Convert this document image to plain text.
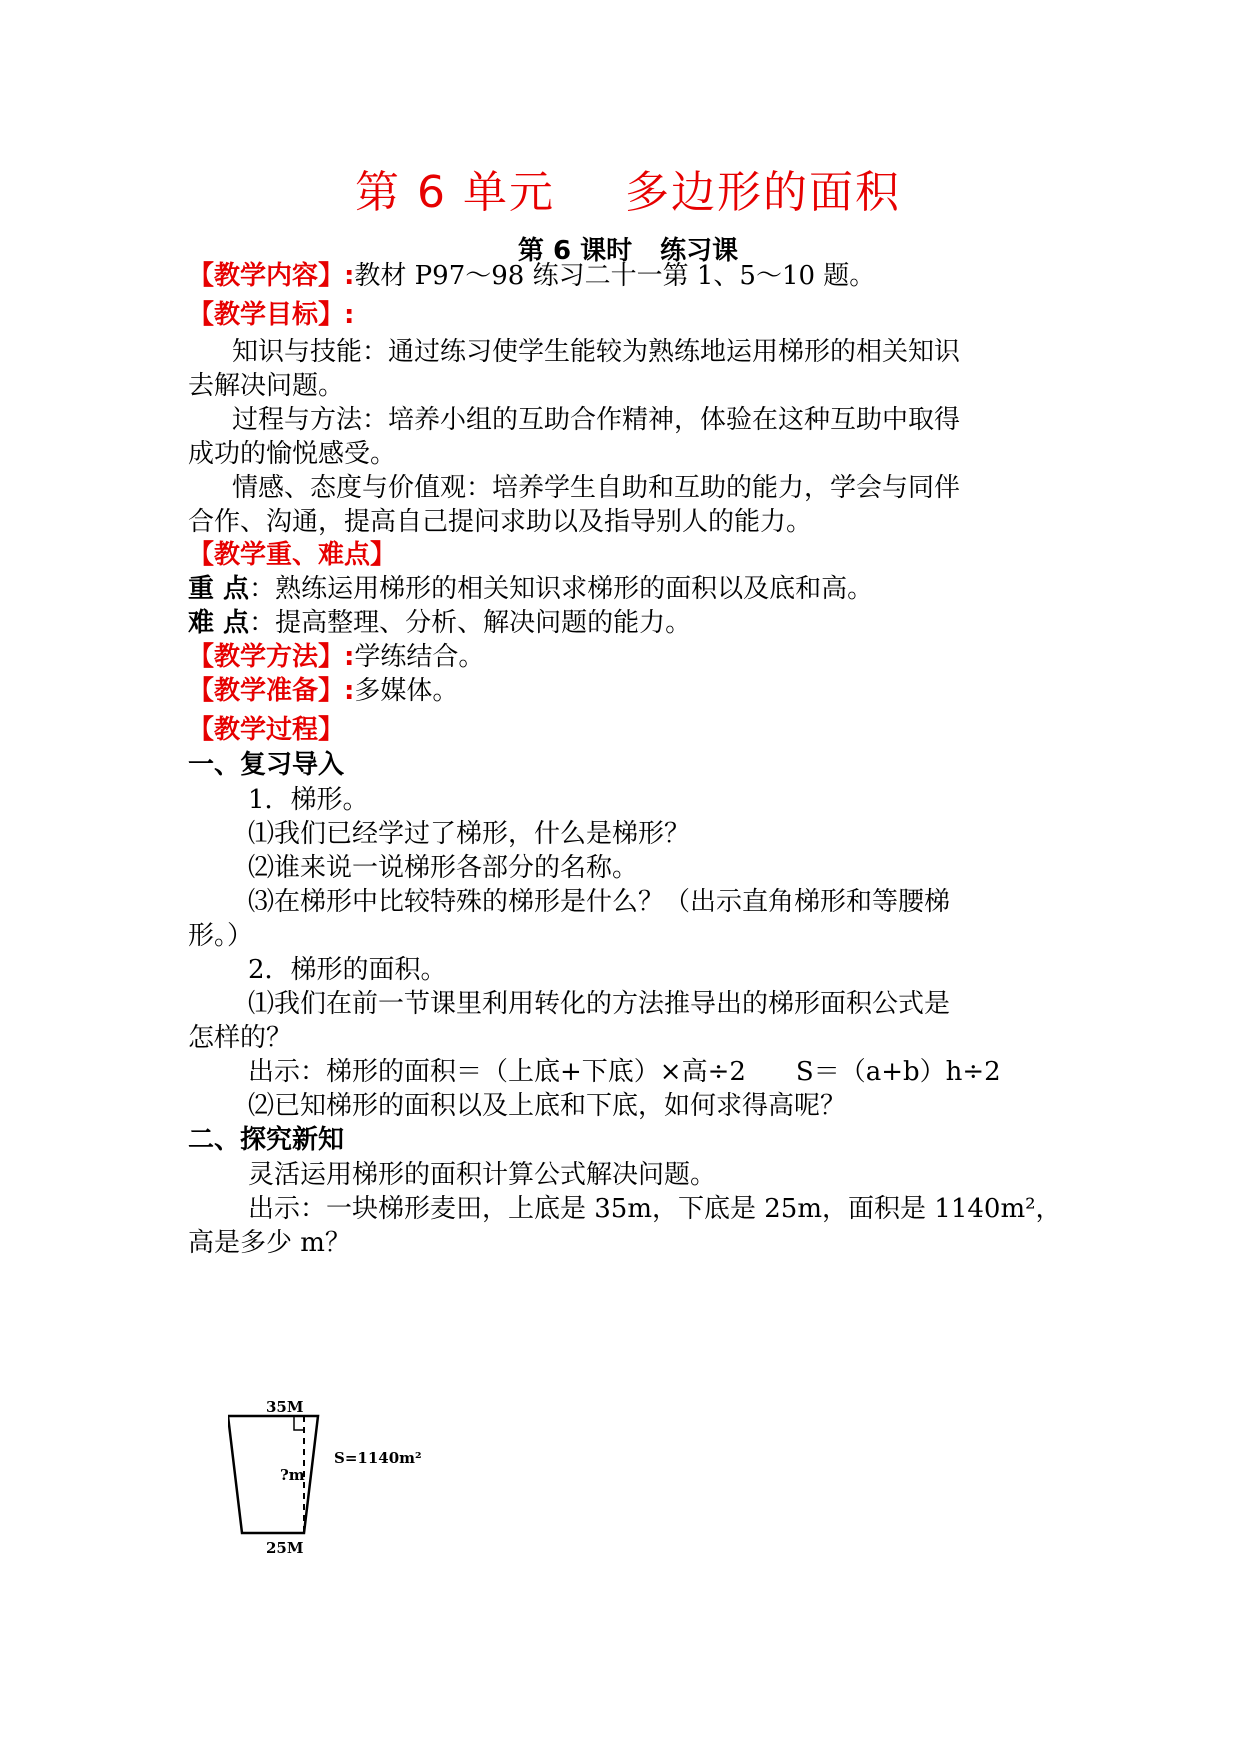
第 6 单元 多边形的面积
第 6 课时 练习课
【教学内容】:教材 P97～98 练习二十一第 1、5～10 题。
【教学目标】:
知识与技能：通过练习使学生能较为熟练地运用梯形的相关知识
去解决问题。
过程与方法：培养小组的互助合作精神，体验在这种互助中取得
成功的愉悦感受。
情感、态度与价值观：培养学生自助和互助的能力，学会与同伴
合作、沟通，提高自己提问求助以及指导别人的能力。
【教学重、难点】
重 点：熟练运用梯形的相关知识求梯形的面积以及底和高。
难 点：提高整理、分析、解决问题的能力。
【教学方法】:学练结合。
【教学准备】:多媒体。
【教学过程】
一、复习导入
1．梯形。
⑴我们已经学过了梯形，什么是梯形？
⑵谁来说一说梯形各部分的名称。
⑶在梯形中比较特殊的梯形是什么？（出示直角梯形和等腰梯
形。）
2．梯形的面积。
⑴我们在前一节课里利用转化的方法推导出的梯形面积公式是
怎样的？
出示：梯形的面积＝（上底+下底）×高÷2 S＝（a+b）h÷2
⑵已知梯形的面积以及上底和下底，如何求得高呢？
二、探究新知
灵活运用梯形的面积计算公式解决问题。
出示：一块梯形麦田，上底是 35m，下底是 25m，面积是 1140m²，
高是多少 m？
35M
?m
S=1140m²
25M
